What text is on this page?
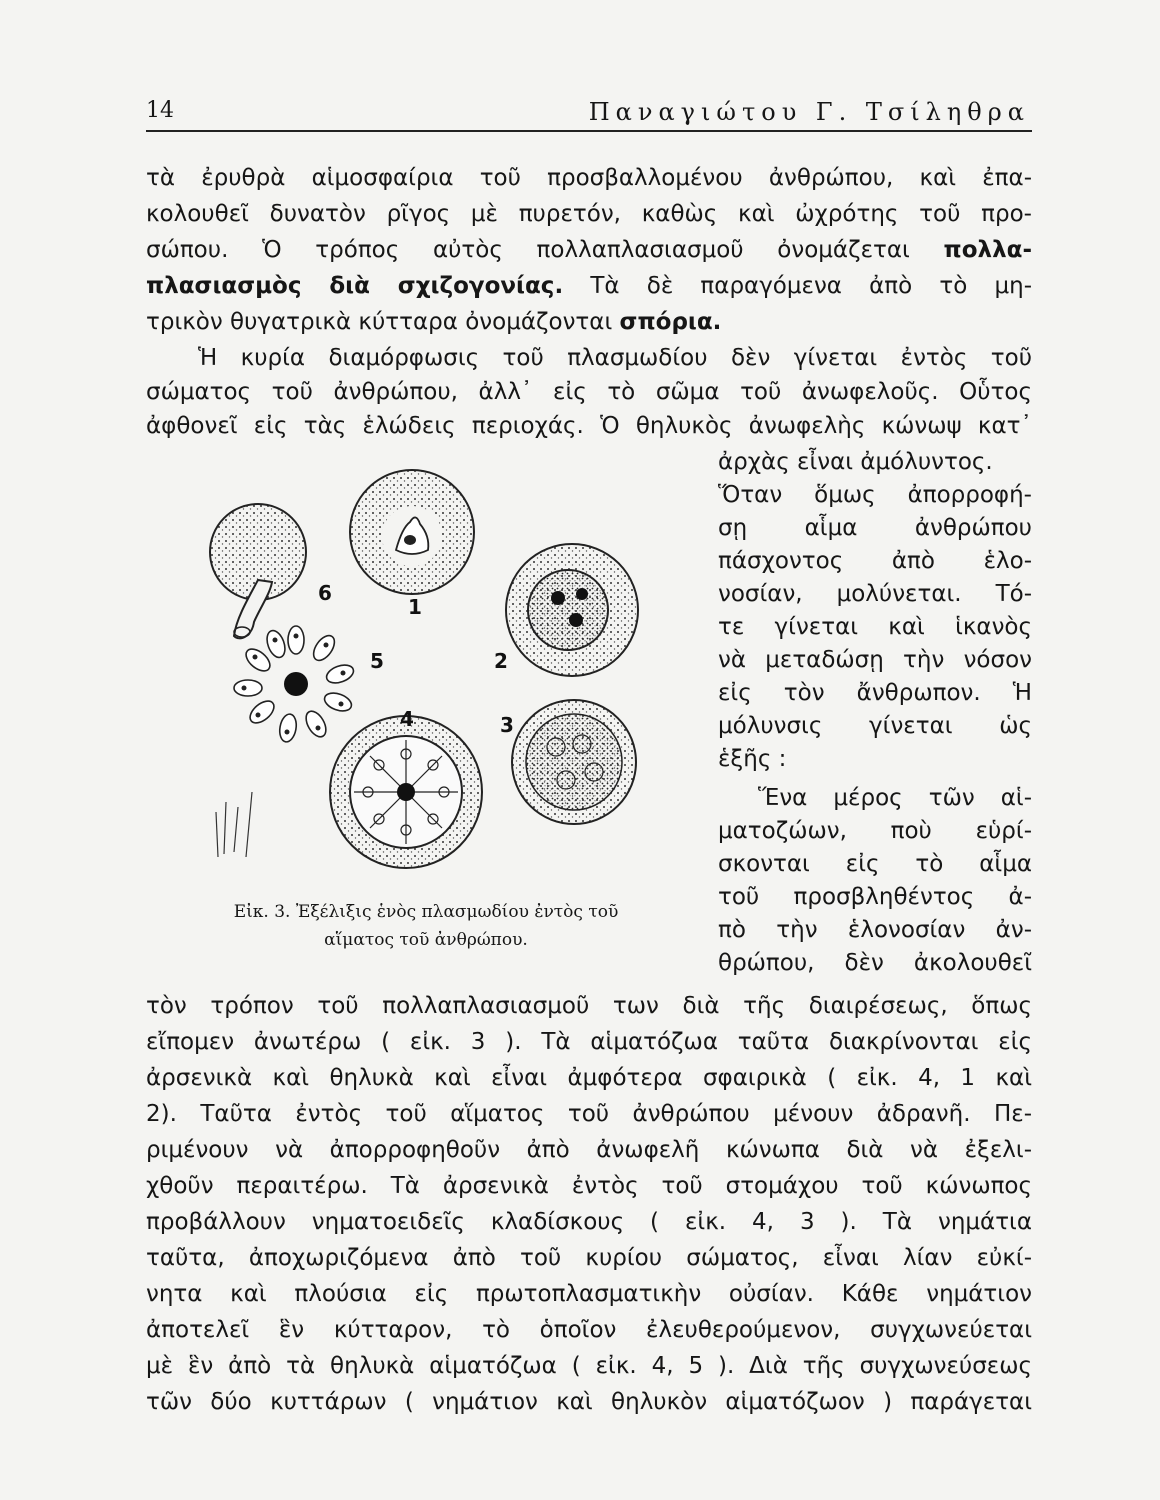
14	Παναγιώτου Γ. Τσίληθρα
τὰ ἐρυθρὰ αἱμοσφαίρια τοῦ προσβαλλομένου ἀνθρώπου, καὶ ἐπα-
κολουθεῖ δυνατὸν ρῖγος μὲ πυρετόν, καθὼς καὶ ὠχρότης τοῦ προ-
σώπου. Ὁ τρόπος αὐτὸς πολλαπλασιασμοῦ ὀνομάζεται πολλα-
πλασιασμὸς διὰ σχιζογονίας. Τὰ δὲ παραγόμενα ἀπὸ τὸ μη-
τρικὸν θυγατρικὰ κύτταρα ὀνομάζονται σπόρια.
Ἡ κυρία διαμόρφωσις τοῦ πλασμωδίου δὲν γίνεται ἐντὸς τοῦ
σώματος τοῦ ἀνθρώπου, ἀλλ᾽ εἰς τὸ σῶμα τοῦ ἀνωφελοῦς. Οὗτος
ἀφθονεῖ εἰς τὰς ἑλώδεις περιοχάς. Ὁ θηλυκὸς ἀνωφελὴς κώνωψ κατ᾽
ἀρχὰς εἶναι ἀμόλυντος.
Ὅταν ὅμως ἀπορροφή-
σῃ αἷμα ἀνθρώπου
πάσχοντος ἀπὸ ἑλο-
νοσίαν, μολύνεται. Τό-
τε γίνεται καὶ ἱκανὸς
νὰ μεταδώσῃ τὴν νόσον
εἰς τὸν ἄνθρωπον. Ἡ
μόλυνσις γίνεται ὡς
ἑξῆς :
Ἕνα μέρος τῶν αἱ-
ματοζώων, ποὺ εὑρί-
σκονται εἰς τὸ αἷμα
τοῦ προσβληθέντος ἀ-
πὸ τὴν ἑλονοσίαν ἀν-
θρώπου, δὲν ἀκολουθεῖ
1
2
3
4
5
6
Εἰκ. 3. Ἐξέλιξις ἑνὸς πλασμωδίου ἐντὸς τοῦ
αἵματος τοῦ ἀνθρώπου.
τὸν τρόπον τοῦ πολλαπλασιασμοῦ των διὰ τῆς διαιρέσεως, ὅπως
εἴπομεν ἀνωτέρω ( εἰκ. 3 ). Τὰ αἱματόζωα ταῦτα διακρίνονται εἰς
ἀρσενικὰ καὶ θηλυκὰ καὶ εἶναι ἀμφότερα σφαιρικὰ ( εἰκ. 4, 1 καὶ
2). Ταῦτα ἐντὸς τοῦ αἵματος τοῦ ἀνθρώπου μένουν ἀδρανῆ. Πε-
ριμένουν νὰ ἀπορροφηθοῦν ἀπὸ ἀνωφελῆ κώνωπα διὰ νὰ ἐξελι-
χθοῦν περαιτέρω. Τὰ ἀρσενικὰ ἐντὸς τοῦ στομάχου τοῦ κώνωπος
προβάλλουν νηματοειδεῖς κλαδίσκους ( εἰκ. 4, 3 ). Τὰ νημάτια
ταῦτα, ἀποχωριζόμενα ἀπὸ τοῦ κυρίου σώματος, εἶναι λίαν εὐκί-
νητα καὶ πλούσια εἰς πρωτοπλασματικὴν οὐσίαν. Κάθε νημάτιον
ἀποτελεῖ ἓν κύτταρον, τὸ ὁποῖον ἐλευθερούμενον, συγχωνεύεται
μὲ ἓν ἀπὸ τὰ θηλυκὰ αἱματόζωα ( εἰκ. 4, 5 ). Διὰ τῆς συγχωνεύσεως
τῶν δύο κυττάρων ( νημάτιον καὶ θηλυκὸν αἱματόζωον ) παράγεται
